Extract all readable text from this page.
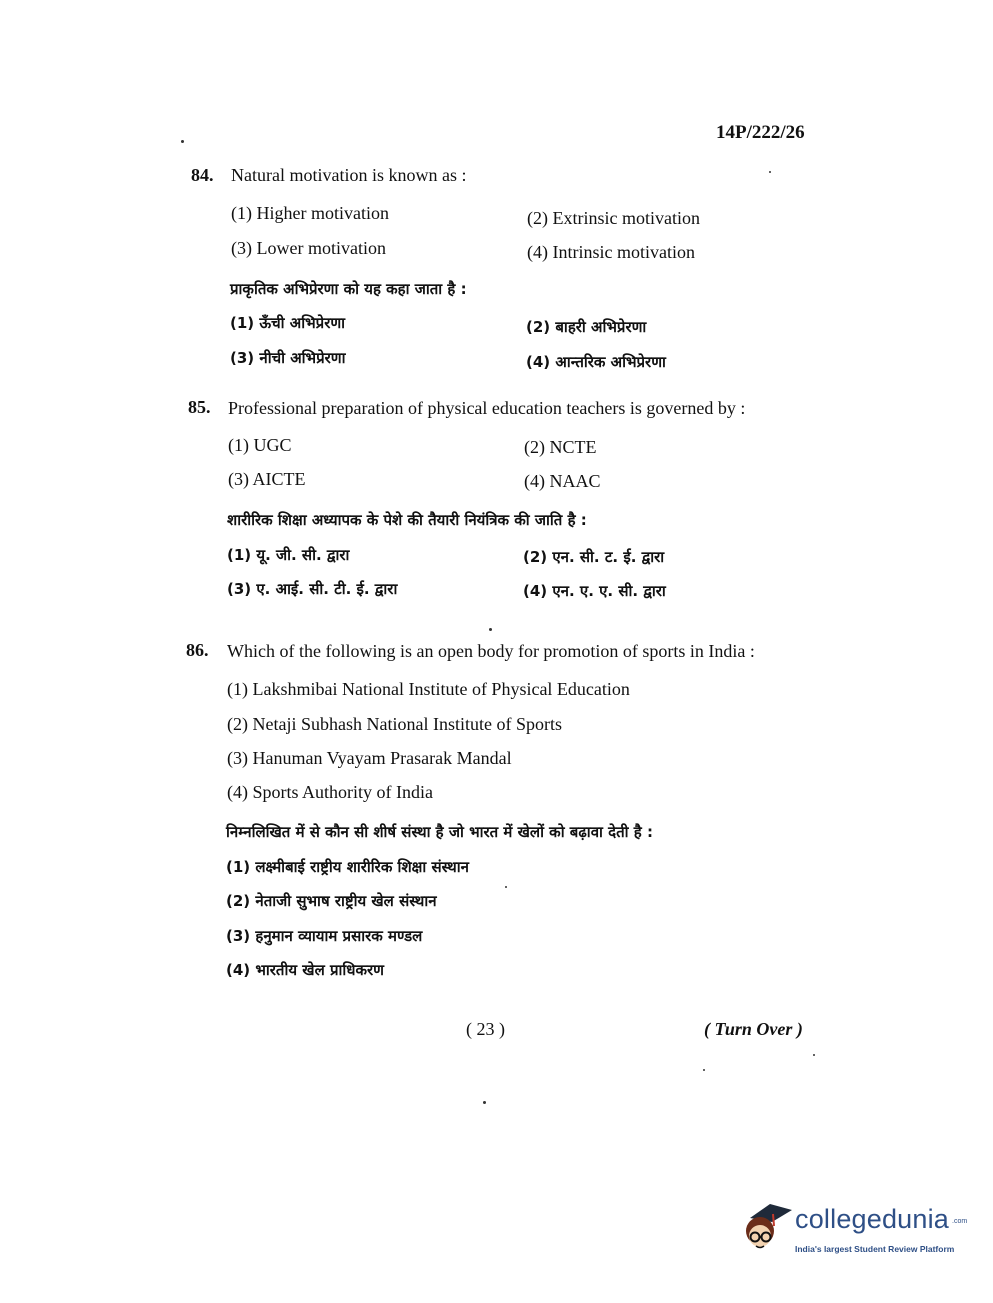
14P/222/26
84. Natural motivation is known as :
(1) Higher motivation	(2) Extrinsic motivation
(3) Lower motivation	(4) Intrinsic motivation
प्राकृतिक अभिप्रेरणा को यह कहा जाता है :
(1) ऊँची अभिप्रेरणा	(2) बाहरी अभिप्रेरणा
(3) नीची अभिप्रेरणा	(4) आन्तरिक अभिप्रेरणा
85. Professional preparation of physical education teachers is governed by :
(1) UGC	(2) NCTE
(3) AICTE	(4) NAAC
शारीरिक शिक्षा अध्यापक के पेशे की तैयारी नियंत्रिक की जाति है :
(1) यू. जी. सी. द्वारा	(2) एन. सी. ट. ई. द्वारा
(3) ए. आई. सी. टी. ई. द्वारा	(4) एन. ए. ए. सी. द्वारा
86. Which of the following is an open body for promotion of sports in India :
(1) Lakshmibai National Institute of Physical Education
(2) Netaji Subhash National Institute of Sports
(3) Hanuman Vyayam Prasarak Mandal
(4) Sports Authority of India
निम्नलिखित में से कौन सी शीर्ष संस्था है जो भारत में खेलों को बढ़ावा देती है :
(1) लक्ष्मीबाई राष्ट्रीय शारीरिक शिक्षा संस्थान
(2) नेताजी सुभाष राष्ट्रीय खेल संस्थान
(3) हनुमान व्यायाम प्रसारक मण्डल
(4) भारतीय खेल प्राधिकरण
( 23 )	( Turn Over )
collegedunia .com
India's largest Student Review Platform
